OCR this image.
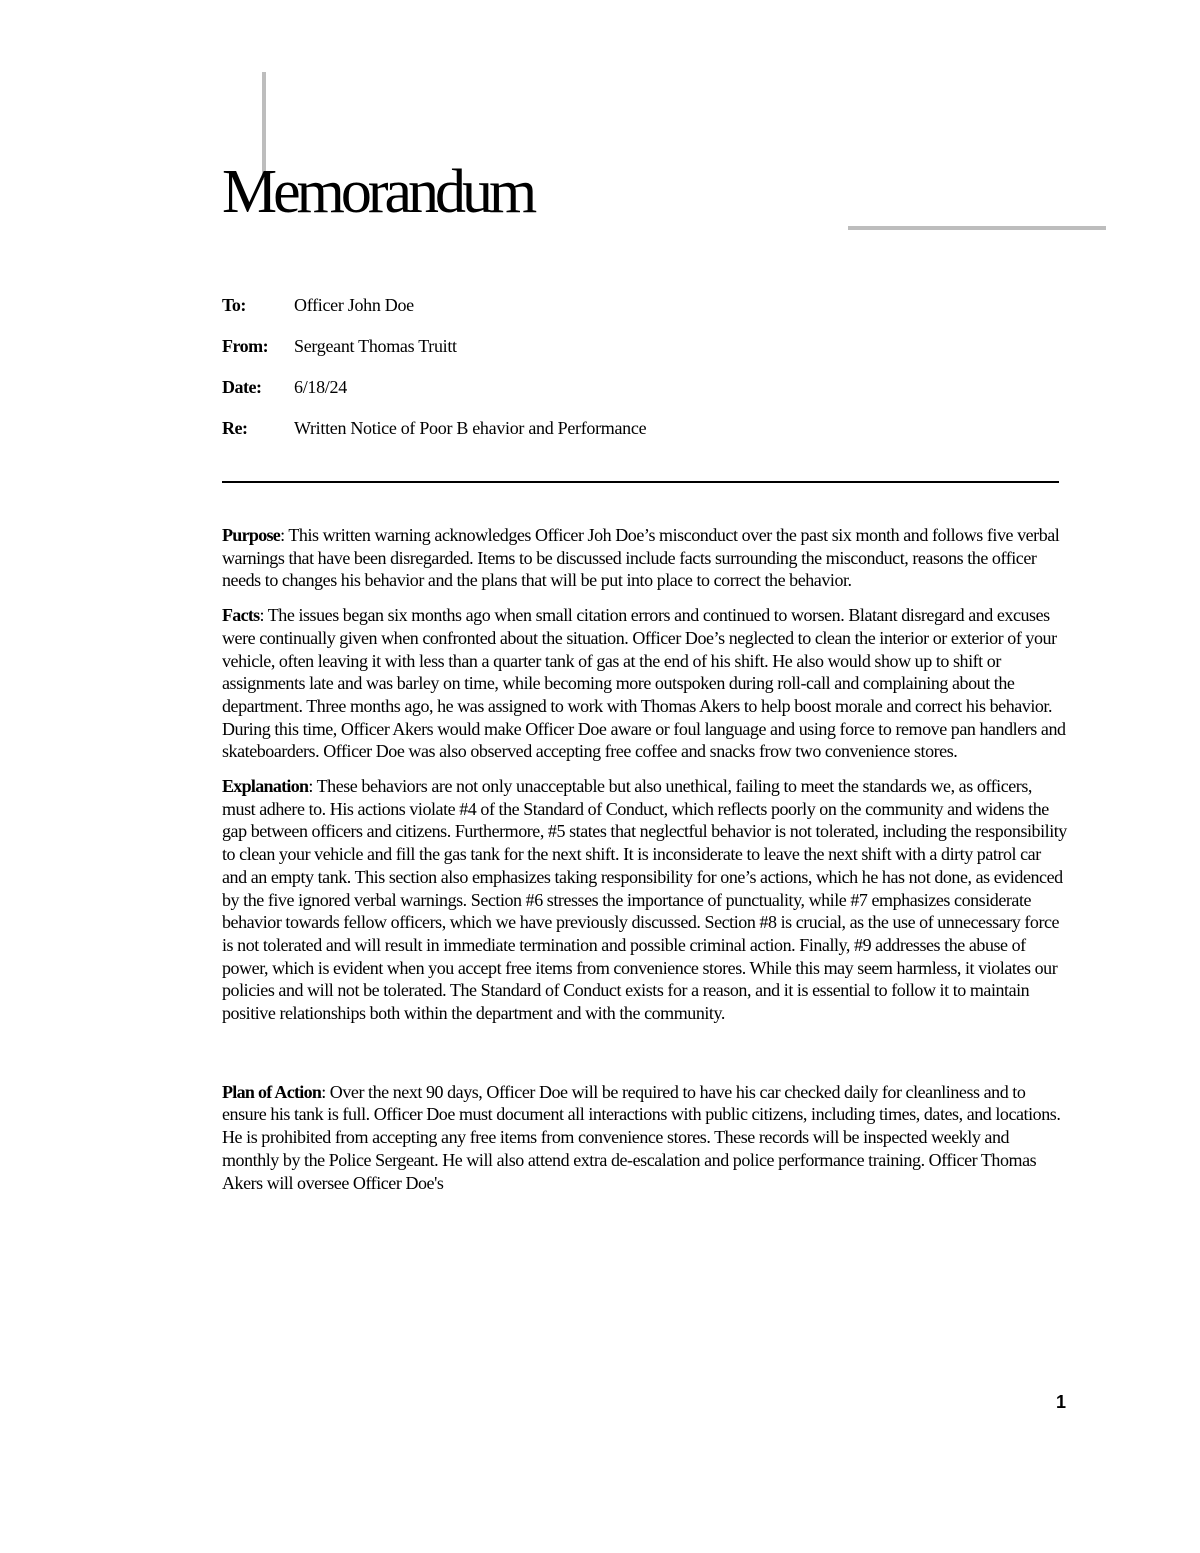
Memorandum
To:	Officer John Doe
From:	Sergeant Thomas Truitt
Date:	6/18/24
Re:	Written Notice of Poor B ehavior and Performance

Purpose: This written warning acknowledges Officer Joh Doe’s misconduct over the past six month and follows five verbal warnings that have been disregarded. Items to be discussed include facts surrounding the misconduct, reasons the officer needs to changes his behavior and the plans that will be put into place to correct the behavior.

Facts: The issues began six months ago when small citation errors and continued to worsen. Blatant disregard and excuses were continually given when confronted about the situation. Officer Doe’s neglected to clean the interior or exterior of your vehicle, often leaving it with less than a quarter tank of gas at the end of his shift. He also would show up to shift or assignments late and was barley on time, while becoming more outspoken during roll-call and complaining about the department. Three months ago, he was assigned to work with Thomas Akers to help boost morale and correct his behavior. During this time, Officer Akers would make Officer Doe aware or foul language and using force to remove pan handlers and skateboarders. Officer Doe was also observed accepting free coffee and snacks frow two convenience stores.

Explanation: These behaviors are not only unacceptable but also unethical, failing to meet the standards we, as officers, must adhere to. His actions violate #4 of the Standard of Conduct, which reflects poorly on the community and widens the gap between officers and citizens. Furthermore, #5 states that neglectful behavior is not tolerated, including the responsibility to clean your vehicle and fill the gas tank for the next shift. It is inconsiderate to leave the next shift with a dirty patrol car and an empty tank. This section also emphasizes taking responsibility for one’s actions, which he has not done, as evidenced by the five ignored verbal warnings. Section #6 stresses the importance of punctuality, while #7 emphasizes considerate behavior towards fellow officers, which we have previously discussed. Section #8 is crucial, as the use of unnecessary force is not tolerated and will result in immediate termination and possible criminal action. Finally, #9 addresses the abuse of power, which is evident when you accept free items from convenience stores. While this may seem harmless, it violates our policies and will not be tolerated. The Standard of Conduct exists for a reason, and it is essential to follow it to maintain positive relationships both within the department and with the community.

Plan of Action: Over the next 90 days, Officer Doe will be required to have his car checked daily for cleanliness and to ensure his tank is full. Officer Doe must document all interactions with public citizens, including times, dates, and locations. He is prohibited from accepting any free items from convenience stores. These records will be inspected weekly and monthly by the Police Sergeant. He will also attend extra de-escalation and police performance training. Officer Thomas Akers will oversee Officer Doe's

1
